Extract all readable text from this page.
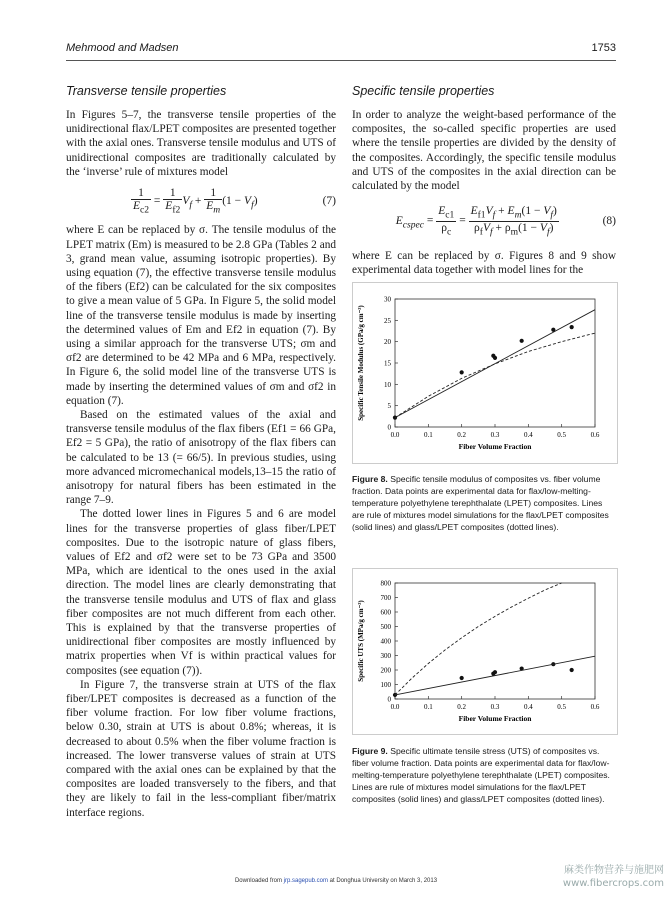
Mehmood and Madsen	1753
Transverse tensile properties

In Figures 5–7, the transverse tensile properties of the unidirectional flax/LPET composites are presented together with the axial ones. Transverse tensile modulus and UTS of unidirectional composites are traditionally calculated by the ‘inverse’ rule of mixtures model

$\frac{1}{E_{c2}} = \frac{1}{E_{f2}} V_f + \frac{1}{E_m} (1 - V_f)$	(7)

where E can be replaced by σ. The tensile modulus of the LPET matrix (Em) is measured to be 2.8 GPa (Tables 2 and 3, grand mean value, assuming isotropic properties). By using equation (7), the effective transverse tensile modulus of the fibers (Ef2) can be calculated for the six composites to give a mean value of 5 GPa. In Figure 5, the solid model line of the transverse tensile modulus is made by inserting the determined values of Em and Ef2 in equation (7). By using a similar approach for the transverse UTS; σm and σf2 are determined to be 42 MPa and 6 MPa, respectively. In Figure 6, the solid model line of the transverse UTS is made by inserting the determined values of σm and σf2 in equation (7).

Based on the estimated values of the axial and transverse tensile modulus of the flax fibers (Ef1 = 66 GPa, Ef2 = 5 GPa), the ratio of anisotropy of the flax fibers can be calculated to be 13 (= 66/5). In previous studies, using more advanced micromechanical models,13–15 the ratio of anisotropy for natural fibers has been estimated in the range 7–9.

The dotted lower lines in Figures 5 and 6 are model lines for the transverse properties of glass fiber/LPET composites. Due to the isotropic nature of glass fibers, values of Ef2 and σf2 were set to be 73 GPa and 3500 MPa, which are identical to the ones used in the axial direction. The model lines are clearly demonstrating that the transverse tensile modulus and UTS of flax and glass fiber composites are not much different from each other. This is explained by that the transverse properties of unidirectional fiber composites are mostly influenced by matrix properties when Vf is within practical values for composites (see equation (7)).

In Figure 7, the transverse strain at UTS of the flax fiber/LPET composites is decreased as a function of the fiber volume fraction. For low fiber volume fractions, below 0.30, strain at UTS is about 0.8%; whereas, it is decreased to about 0.5% when the fiber volume fraction is increased. The lower transverse values of strain at UTS compared with the axial ones can be explained by that the composites are loaded transversely to the fibers, and that they are likely to fail in the less-compliant fiber/matrix interface regions.

Specific tensile properties

In order to analyze the weight-based performance of the composites, the so-called specific properties are used where the tensile properties are divided by the density of the composites. Accordingly, the specific tensile modulus and UTS of the composites in the axial direction can be calculated by the model

$E_{cspec} = \frac{E_{c1}}{\rho_c} = \frac{E_{f1}V_f + E_m(1 - V_f)}{\rho_fV_f + \rho_m(1 - V_f)}$	(8)

where E can be replaced by σ. Figures 8 and 9 show experimental data together with model lines for the

0.0	0.1	0.2	0.3	0.4	0.5	0.6
0
5
10
15
20
25
30
Fiber Volume Fraction
Specific Tensile Modulus (GPa/g cm⁻³)
Figure 8. Specific tensile modulus of composites vs. fiber volume fraction. Data points are experimental data for flax/low-melting-temperature polyethylene terephthalate (LPET) composites. Lines are rule of mixtures model simulations for the flax/LPET composites (solid lines) and glass/LPET composites (dotted lines).
0.0	0.1	0.2	0.3	0.4	0.5	0.6
0
100
200
300
400
500
600
700
800
Fiber Volume Fraction
Specific UTS (MPa/g cm⁻³)
Figure 9. Specific ultimate tensile stress (UTS) of composites vs. fiber volume fraction. Data points are experimental data for flax/low-melting-temperature polyethylene terephthalate (LPET) composites. Lines are rule of mixtures model simulations for the flax/LPET composites (solid lines) and glass/LPET composites (dotted lines).
Downloaded from jrp.sagepub.com at Donghua University on March 3, 2013
麻类作物营养与施肥网
www.fibercrops.com
